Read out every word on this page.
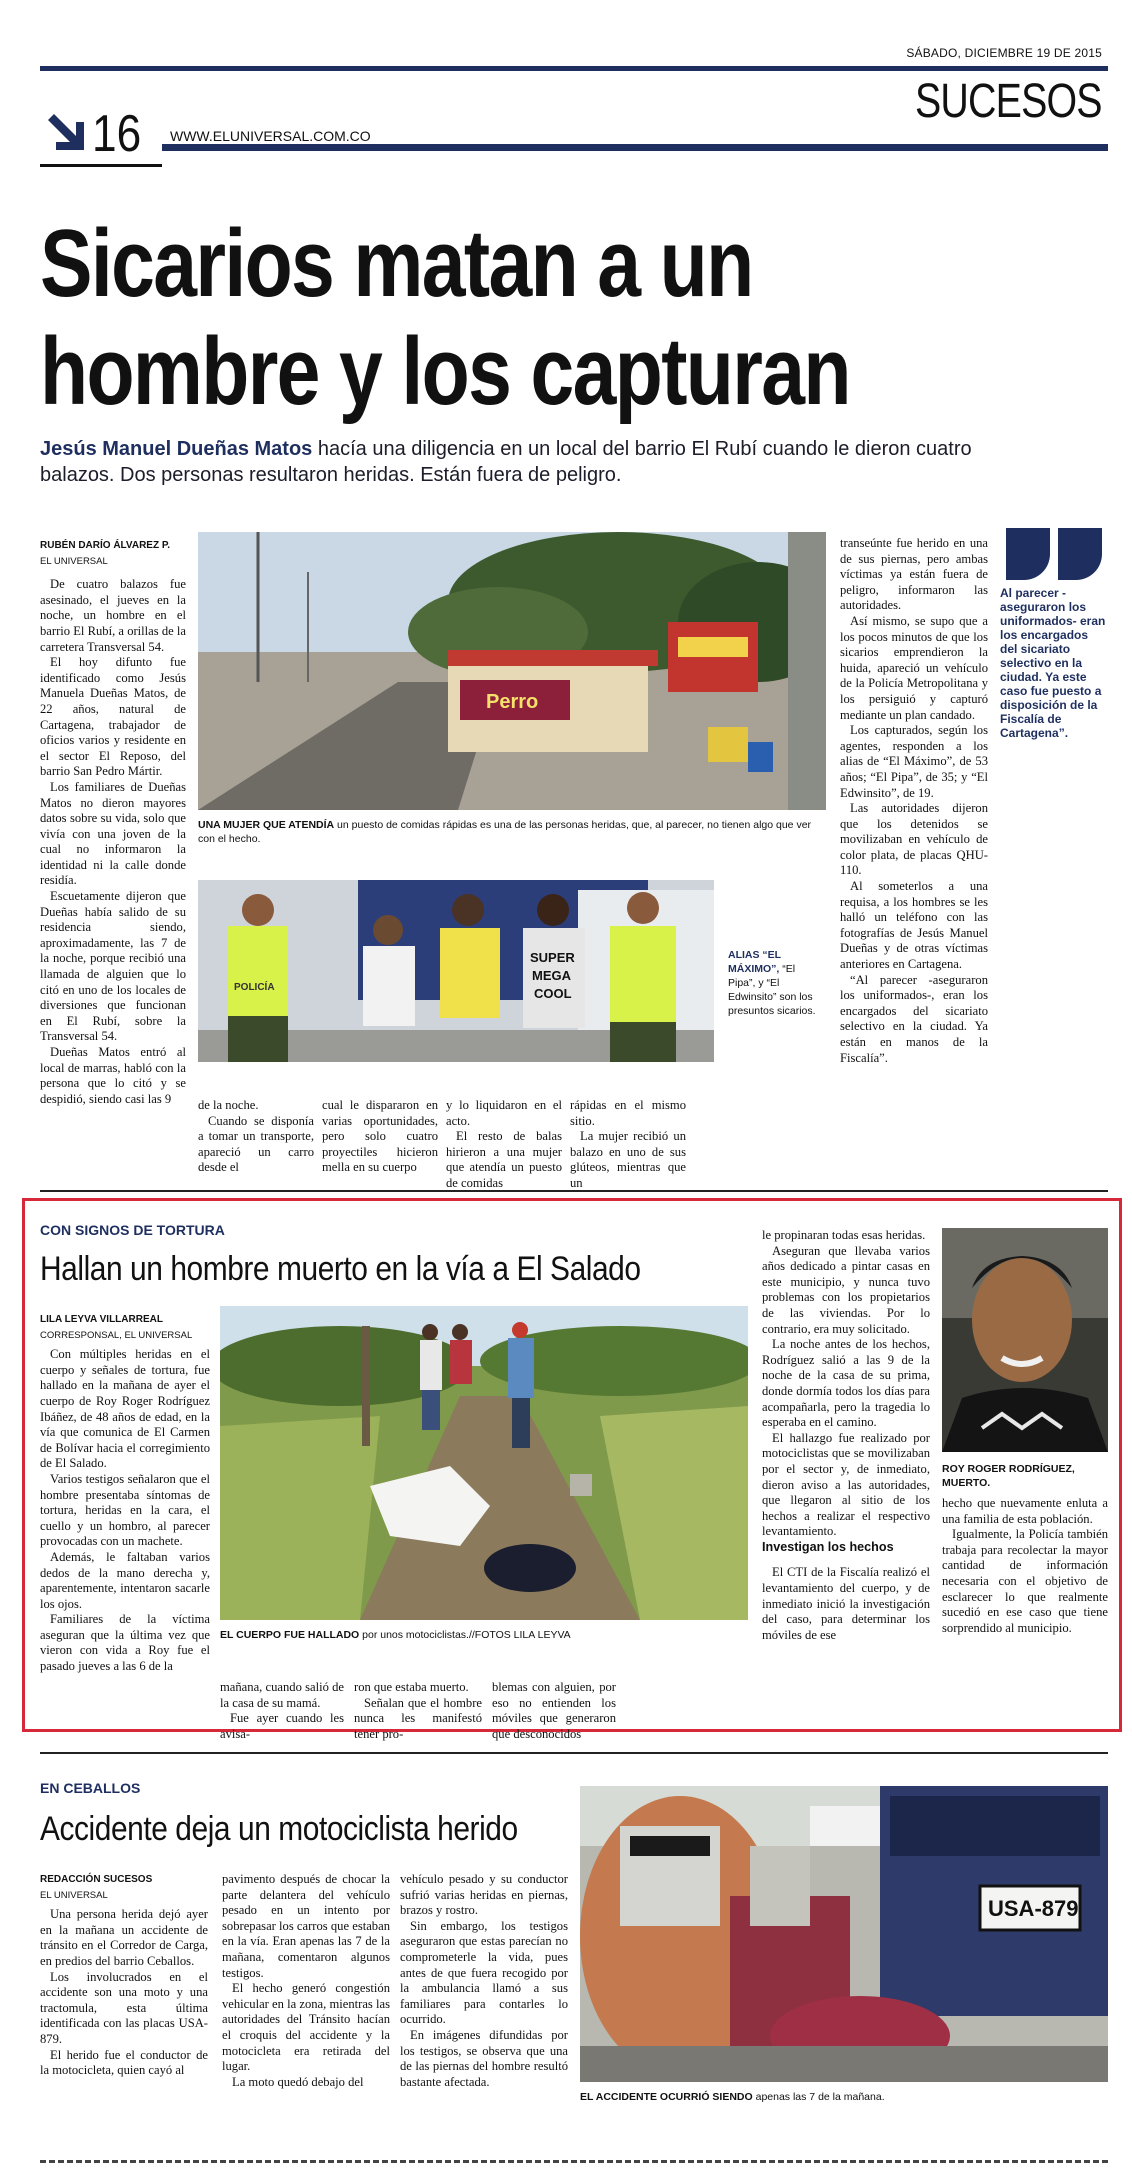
SÁBADO, DICIEMBRE 19 DE 2015
SUCESOS
16 WWW.ELUNIVERSAL.COM.CO
Sicarios matan a un
hombre y los capturan
Jesús Manuel Dueñas Matos hacía una diligencia en un local del barrio El Rubí cuando le dieron cuatro balazos. Dos personas resultaron heridas. Están fuera de peligro.
RUBÉN DARÍO ÁLVAREZ P.
EL UNIVERSAL

De cuatro balazos fue asesinado, el jueves en la noche, un hombre en el barrio El Rubí, a orillas de la carretera Transversal 54.

El hoy difunto fue identificado como Jesús Manuela Dueñas Matos, de 22 años, natural de Cartagena, trabajador de oficios varios y residente en el sector El Reposo, del barrio San Pedro Mártir.

Los familiares de Dueñas Matos no dieron mayores datos sobre su vida, solo que vivía con una joven de la cual no informaron la identidad ni la calle donde residía.

Escuetamente dijeron que Dueñas había salido de su residencia siendo, aproximadamente, las 7 de la noche, porque recibió una llamada de alguien que lo citó en uno de los locales de diversiones que funcionan en El Rubí, sobre la Transversal 54.

Dueñas Matos entró al local de marras, habló con la persona que lo citó y se despidió, siendo casi las 9

Perro
UNA MUJER QUE ATENDÍA un puesto de comidas rápidas es una de las personas heridas, que, al parecer, no tienen algo que ver con el hecho.
POLICÍA
SUPER
MEGA
COOL
ALIAS “EL MÁXIMO”, “El Pipa”, y “El Edwinsito” son los presuntos sicarios.

de la noche.

Cuando se disponía a tomar un transporte, apareció un carro desde el

cual le dispararon en varias oportunidades, pero solo cuatro proyectiles hicieron mella en su cuerpo

y lo liquidaron en el acto.

El resto de balas hirieron a una mujer que atendía un puesto de comidas

rápidas en el mismo sitio.

La mujer recibió un balazo en uno de sus glúteos, mientras que un

transeúnte fue herido en una de sus piernas, pero ambas víctimas ya están fuera de peligro, informaron las autoridades.

Así mismo, se supo que a los pocos minutos de que los sicarios emprendieron la huida, apareció un vehículo de la Policía Metropolitana y los persiguió y capturó mediante un plan candado.

Los capturados, según los agentes, responden a los alias de “El Máximo”, de 53 años; “El Pipa”, de 35; y “El Edwinsito”, de 19.

Las autoridades dijeron que los detenidos se movilizaban en vehículo de color plata, de placas QHU-110.

Al someterlos a una requisa, a los hombres se les halló un teléfono con las fotografías de Jesús Manuel Dueñas y de otras víctimas anteriores en Cartagena.

“Al parecer -aseguraron los uniformados-, eran los encargados del sicariato selectivo en la ciudad. Ya están en manos de la Fiscalía”.

Al parecer -aseguraron los uniformados- eran los encargados del sicariato selectivo en la ciudad. Ya este caso fue puesto a disposición de la Fiscalía de Cartagena”.
CON SIGNOS DE TORTURA
Hallan un hombre muerto en la vía a El Salado
LILA LEYVA VILLARREAL
CORRESPONSAL, EL UNIVERSAL

Con múltiples heridas en el cuerpo y señales de tortura, fue hallado en la mañana de ayer el cuerpo de Roy Roger Rodríguez Ibáñez, de 48 años de edad, en la vía que comunica de El Carmen de Bolívar hacia el corregimiento de El Salado.

Varios testigos señalaron que el hombre presentaba síntomas de tortura, heridas en la cara, el cuello y un hombro, al parecer provocadas con un machete.

Además, le faltaban varios dedos de la mano derecha y, aparentemente, intentaron sacarle los ojos.

Familiares de la víctima aseguran que la última vez que vieron con vida a Roy fue el pasado jueves a las 6 de la

EL CUERPO FUE HALLADO por unos motociclistas.//FOTOS LILA LEYVA

mañana, cuando salió de la casa de su mamá.

Fue ayer cuando les avisa-

ron que estaba muerto.

Señalan que el hombre nunca les manifestó tener pro-

blemas con alguien, por eso no entienden los móviles que generaron que desconocidos

le propinaran todas esas heridas.

Aseguran que llevaba varios años dedicado a pintar casas en este municipio, y nunca tuvo problemas con los propietarios de las viviendas. Por lo contrario, era muy solicitado.

La noche antes de los hechos, Rodríguez salió a las 9 de la noche de la casa de su prima, donde dormía todos los días para acompañarla, pero la tragedia lo esperaba en el camino.

El hallazgo fue realizado por motociclistas que se movilizaban por el sector y, de inmediato, dieron aviso a las autoridades, que llegaron al sitio de los hechos a realizar el respectivo levantamiento.

Investigan los hechos

El CTI de la Fiscalía realizó el levantamiento del cuerpo, y de inmediato inició la investigación del caso, para determinar los móviles de ese

ROY ROGER RODRÍGUEZ, MUERTO.

hecho que nuevamente enluta a una familia de esta población.

Igualmente, la Policía también trabaja para recolectar la mayor cantidad de información necesaria con el objetivo de esclarecer lo que realmente sucedió en ese caso que tiene sorprendido al municipio.

EN CEBALLOS
Accidente deja un motociclista herido
REDACCIÓN SUCESOS
EL UNIVERSAL

Una persona herida dejó ayer en la mañana un accidente de tránsito en el Corredor de Carga, en predios del barrio Ceballos.

Los involucrados en el accidente son una moto y una tractomula, esta última identificada con las placas USA-879.

El herido fue el conductor de la motocicleta, quien cayó al

pavimento después de chocar la parte delantera del vehículo pesado en un intento por sobrepasar los carros que estaban en la vía. Eran apenas las 7 de la mañana, comentaron algunos testigos.

El hecho generó congestión vehicular en la zona, mientras las autoridades del Tránsito hacían el croquis del accidente y la motocicleta era retirada del lugar.

La moto quedó debajo del

vehículo pesado y su conductor sufrió varias heridas en piernas, brazos y rostro.

Sin embargo, los testigos aseguraron que estas parecían no comprometerle la vida, pues antes de que fuera recogido por la ambulancia llamó a sus familiares para contarles lo ocurrido.

En imágenes difundidas por los testigos, se observa que una de las piernas del hombre resultó bastante afectada.

USA-879
EL ACCIDENTE OCURRIÓ SIENDO apenas las 7 de la mañana.
